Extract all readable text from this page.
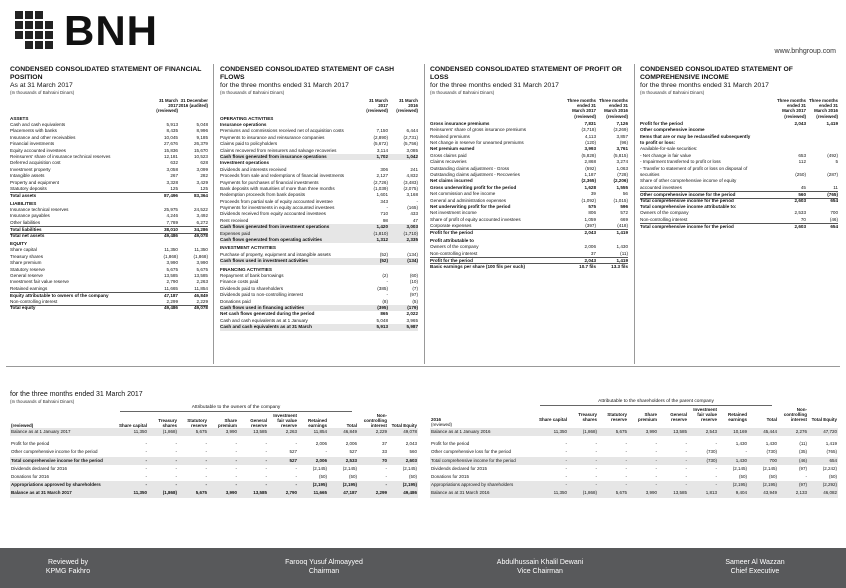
BNH	www.bnhgroup.com
CONDENSED CONSOLIDATED STATEMENT OF FINANCIAL POSITION
As at 31 March 2017
(In thousands of Bahraini Dinars)
31 March 2017 (reviewed)
31 December 2016 (audited)
ASSETS
Cash and cash equivalents	5,913	5,048
Placements with banks	8,435	8,996
Insurance and other receivables	10,045	9,185
Financial investments	27,676	26,379
Equity accounted investees	15,836	15,670
Reinsurers' share of insurance technical reserves	12,181	10,523
Deferred acquisition cost	632	628
Investment property	3,058	3,099
Intangible assets	267	282
Property and equipment	3,328	3,429
Statutory deposits	125	125
Total assets	87,496	83,364
LIABILITIES
Insurance technical reserves	25,975	24,522
Insurance payables	4,246	3,492
Other liabilities	7,789	6,272
Total liabilities	38,010	34,286
Total net assets	49,486	49,078
EQUITY
Share capital	11,350	11,350
Treasury shares	(1,868)	(1,868)
Share premium	3,990	3,990
Statutory reserve	5,675	5,675
General reserve	13,585	13,585
Investment fair value reserve	2,790	2,263
Retained earnings	11,665	11,854
Equity attributable to owners of the company	47,187	46,849
Non-controlling interest	2,299	2,229
Total equity	49,486	49,078
CONDENSED CONSOLIDATED STATEMENT OF CASH FLOWS
for the three months ended 31 March 2017
(In thousands of Bahraini Dinars)
31 March 2017 (reviewed)
31 March 2016 (reviewed)
OPERATING ACTIVITIES
Insurance operations
Premiums and commissions received net of acquisition costs	7,150	6,444
Payments to insurance and reinsurance companies	(2,890)	(2,731)
Claims paid to policyholders	(5,672)	(5,756)
Claims recovered from reinsurers and salvage recoveries	3,114	3,085
Cash flows generated from insurance operations	1,702	1,042
Investment operations
Dividends and interests received	306	241
Proceeds from sale and redemptions of financial investments	2,127	4,832
Payments for purchases of financial investments	(2,726)	(3,483)
Bank deposits with maturities of more than three months	(1,039)	(2,075)
Redemption proceeds from bank deposits	1,601	3,168
Proceeds from partial sale of equity accounted investee	343	-
Payments for investments in equity accounted investees	-	(165)
Dividends received from equity accounted investees	710	433
Rent received	98	47
Cash flows generated from investment operations	1,420	3,003
Expenses paid	(1,810)	(1,710)
Cash flows generated from operating activities	1,312	2,335
INVESTMENT ACTIVITIES
Purchase of property, equipment and intangible assets	(52)	(134)
Cash flows used in investment activities	(52)	(134)
FINANCING ACTIVITIES
Repayment of bank borrowings	(2)	(60)
Finance costs paid	-	(10)
Dividends paid to shareholders	(385)	(7)
Dividends paid to non-controlling interest	-	(97)
Donations paid	(8)	(5)
Cash flows used in financing activities	(395)	(179)
Net cash flows generated during the period	865	2,022
Cash and cash equivalents as at 1 January	5,048	3,965
Cash and cash equivalents as at 31 March	5,913	5,987
CONDENSED CONSOLIDATED STATEMENT OF PROFIT OR LOSS
for the three months ended 31 March 2017
(In thousands of Bahraini Dinars)
Three months ended 31 March 2017 (reviewed)
Three months ended 31 March 2016 (reviewed)
Gross insurance premiums	7,831	7,126
Reinsurers' share of gross insurance premiums	(3,718)	(3,269)
Retained premiums	4,113	3,857
Net change in reserve for unearned premiums	(120)	(96)
Net premium earned	3,993	3,761
Gross claims paid	(5,828)	(5,815)
Claims recoveries	2,868	3,274
Outstanding claims adjustment - Gross	(592)	1,063
Outstanding claims adjustment - Recoveries	1,187	(728)
Net claims incurred	(2,365)	(2,206)
Gross underwriting profit for the period	1,628	1,555
Net commission and fee income	39	56
General and administration expenses	(1,092)	(1,015)
Net underwriting profit for the period	575	596
Net investment income	806	572
Share of profit of equity accounted investees	1,059	669
Corporate expenses	(397)	(418)
Profit for the period	2,043	1,419
Profit attributable to
Owners of the company	2,006	1,430
Non-controlling interest	37	(11)
Profit for the period	2,043	1,419
Basic earnings per share (100 fils per such)	10.7 fils	13.3 fils
CONDENSED CONSOLIDATED STATEMENT OF COMPREHENSIVE INCOME
for the three months ended 31 March 2017
(In thousands of Bahraini Dinars)
Three months ended 31 March 2017 (reviewed)
Three months ended 31 March 2016 (reviewed)
Profit for the period	2,043	1,419
Other comprehensive income
Items that are or may be reclassified subsequently
to profit or loss:
Available-for-sale securities:
- Net change in fair value	653	(492)
- Impairment transferred to profit or loss	112	5
- Transfer to statement of profit or loss on disposal of
securities	(250)	(287)
Share of other comprehensive income of equity
accounted investees	45	11
Other comprehensive income for the period	560	(765)
Total comprehensive income for the period	2,603	654
Total comprehensive income attributable to:
Owners of the company	2,533	700
Non-controlling interest	70	(46)
Total comprehensive income for the period	2,603	654
for the three months ended 31 March 2017
(In thousands of Bahraini Dinars)
Attributable to the owners of the company
(reviewed)	Share capital	Treasury shares	Statutory reserve	Share premium	General reserve	Investment fair value reserve	Retained earnings	Total	Non-controlling interest	Total Equity
Balance as at 1 January 2017	11,350	(1,868)	5,675	3,990	13,585	2,263	11,854	46,849	2,229	49,078

Profit for the period	-	-	-	-	-	-	2,006	2,006	37	2,043
Other comprehensive income for the period	-	-	-	-	-	527	-	527	33	560
Total comprehensive income for the period	-	-	-	-	-	527	2,006	2,533	70	2,603
Dividends declared for 2016	-	-	-	-	-	-	(2,145)	(2,145)	-	(2,145)
Donations for 2016	-	-	-	-	-	-	(50)	(50)	-	(50)
Appropriations approved by shareholders	-	-	-	-	-	-	(2,195)	(2,195)	-	(2,195)
Balance as at 31 March 2017	11,350	(1,868)	5,675	3,990	13,585	2,790	11,665	47,187	2,299	49,486
Attributable to the shareholders of the parent company
2016	Share capital	Treasury shares	Statutory reserve	Share premium	General reserve	Investment fair value reserve	Retained earnings	Total	Non-controlling interest	Total Equity
(reviewed)										
Balance as at 1 January 2016	11,350	(1,868)	5,675	3,990	13,585	2,543	10,169	45,444	2,276	47,720

Profit for the period	-	-	-	-	-	-	1,430	1,430	(11)	1,419
Other comprehensive loss for the period	-	-	-	-	-	(730)	-	(730)	(35)	(765)
Total comprehensive income for the period	-	-	-	-	-	(730)	1,430	700	(46)	654
Dividends declared for 2015	-	-	-	-	-	-	(2,145)	(2,145)	(97)	(2,242)
Donations for 2015	-	-	-	-	-	-	(50)	(50)	-	(50)
Appropriations approved by shareholders	-	-	-	-	-	-	(2,195)	(2,195)	(97)	(2,292)
Balance as at 31 March 2016	11,350	(1,868)	5,675	3,990	13,585	1,813	9,404	43,949	2,133	46,082
Reviewed by
KPMG Fakhro
Farooq Yusuf Almoayyed
Chairman
Abdulhussain Khalil Dewani
Vice Chairman
Sameer Al Wazzan
Chief Executive
